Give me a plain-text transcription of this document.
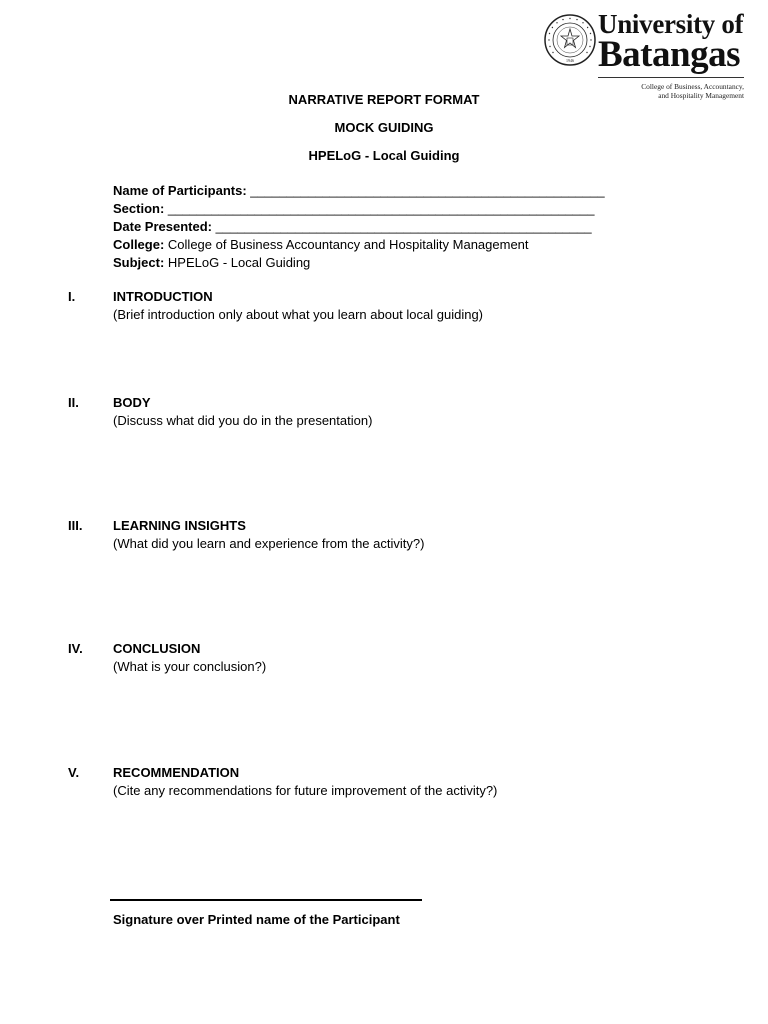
1946
University of
Batangas
College of Business, Accountancy,
and Hospitality Management
NARRATIVE REPORT FORMAT
MOCK GUIDING
HPELoG - Local Guiding
Name of Participants: _________________________________________________
Section: ___________________________________________________________
Date Presented: ____________________________________________________
College: College of Business Accountancy and Hospitality Management
Subject: HPELoG - Local Guiding
I.	INTRODUCTION
(Brief introduction only about what you learn about local guiding)
II.	BODY
(Discuss what did you do in the presentation)
III. LEARNING INSIGHTS
(What did you learn and experience from the activity?)
IV. CONCLUSION
(What is your conclusion?)
V.	RECOMMENDATION
(Cite any recommendations for future improvement of the activity?)
Signature over Printed name of the Participant
